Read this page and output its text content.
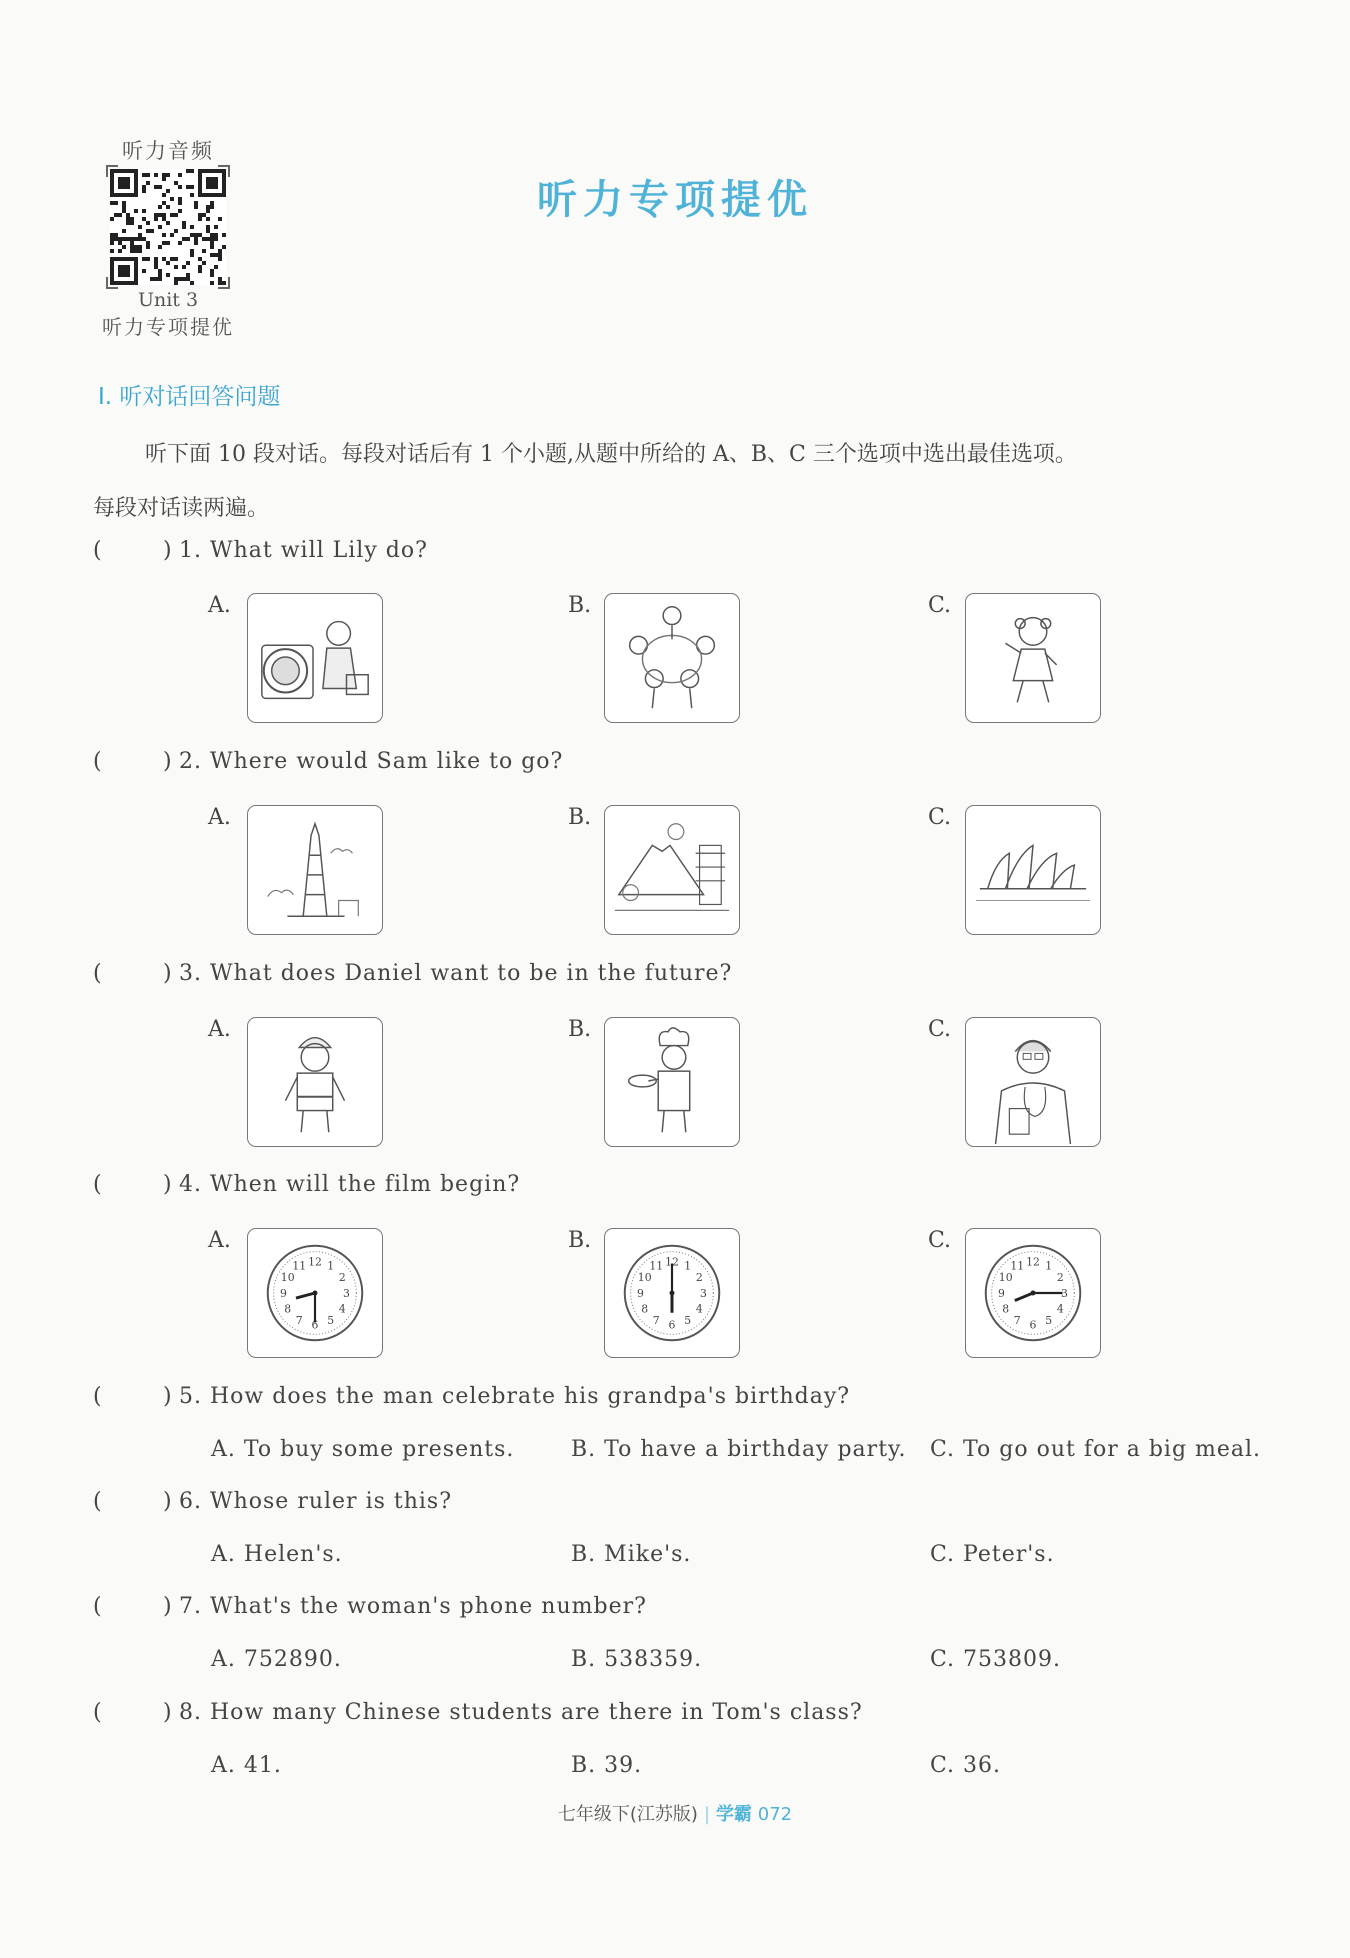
听力音频
Unit 3
听力专项提优
听力专项提优
Ⅰ. 听对话回答问题
听下面 10 段对话。每段对话后有 1 个小题,从题中所给的 A、B、C 三个选项中选出最佳选项。
每段对话读两遍。
(	) 1. What will Lily do?
A.	B.	C.
(	) 2. Where would Sam like to go?
A.	B.	C.
(	) 3. What does Daniel want to be in the future?
A.	B.	C.
(	) 4. When will the film begin?
A.
12 1
2
3
4
5
6
7
8
9
10
11
B.
12 1
2
3
4
5
6
7
8
9
10
11
C.
12 1
2
3
4
5
6
7
8
9
10
11
(	) 5. How does the man celebrate his grandpa's birthday?
A. To buy some presents.	B. To have a birthday party. C. To go out for a big meal.
(	) 6. Whose ruler is this?
A. Helen's.	B. Mike's.	C. Peter's.
(	) 7. What's the woman's phone number?
A. 752890.	B. 538359.	C. 753809.
(	) 8. How many Chinese students are there in Tom's class?
A. 41.	B. 39.	C. 36.
七年级下(江苏版) | 学霸 072
